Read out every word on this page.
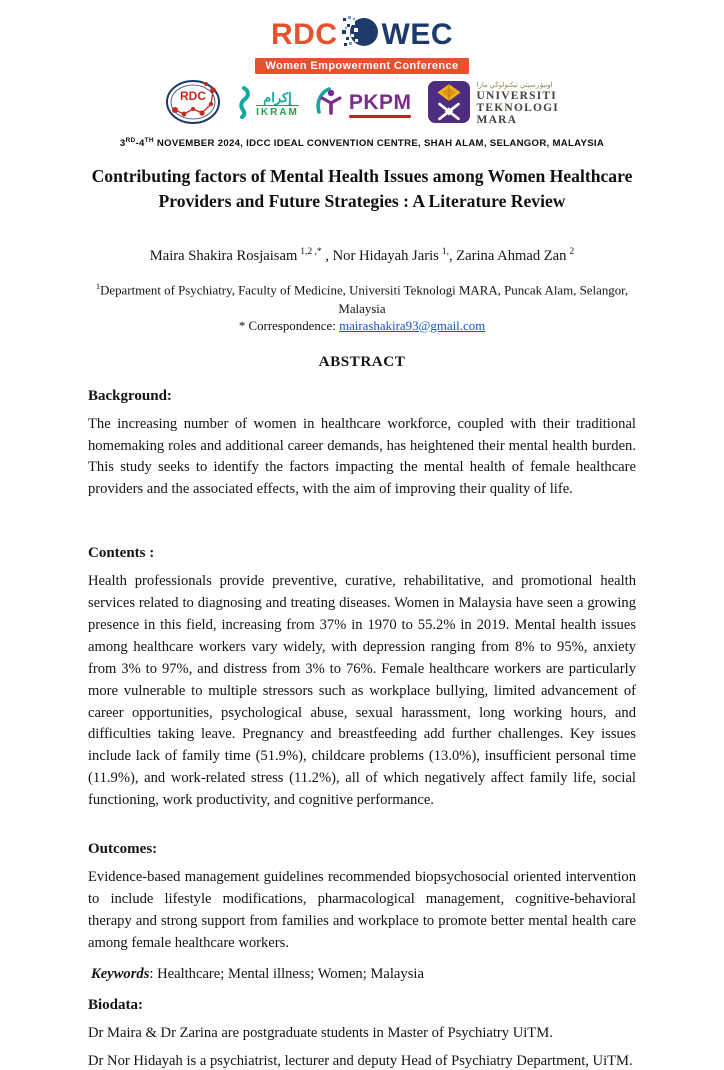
RDC WEC
Women Empowerment Conference
RDC	إكرام
IKRAM PKPM
اونيۏرسيتي تيكنولوڬي مارا
UNIVERSITI
TEKNOLOGI
MARA
3RD-4TH NOVEMBER 2024, IDCC IDEAL CONVENTION CENTRE, SHAH ALAM, SELANGOR, MALAYSIA
Contributing factors of Mental Health Issues among Women Healthcare
Providers and Future Strategies : A Literature Review
Maira Shakira Rosjaisam $^{1,2 ,*}$ , Nor Hidayah Jaris $^{1,}$, Zarina Ahmad Zan $^2$
$^1$Department of Psychiatry, Faculty of Medicine, Universiti Teknologi MARA, Puncak Alam, Selangor, Malaysia
* Correspondence: mairashakira93@gmail.com
ABSTRACT
Background:
The increasing number of women in healthcare workforce, coupled with their traditional homemaking roles and additional career demands, has heightened their mental health burden. This study seeks to identify the factors impacting the mental health of female healthcare providers and the associated effects, with the aim of improving their quality of life.
Contents :
Health professionals provide preventive, curative, rehabilitative, and promotional health services related to diagnosing and treating diseases. Women in Malaysia have seen a growing presence in this field, increasing from 37% in 1970 to 55.2% in 2019. Mental health issues among healthcare workers vary widely, with depression ranging from 8% to 95%, anxiety from 3% to 97%, and distress from 3% to 76%. Female healthcare workers are particularly more vulnerable to multiple stressors such as workplace bullying, limited advancement of career opportunities, psychological abuse, sexual harassment, long working hours, and difficulties taking leave. Pregnancy and breastfeeding add further challenges. Key issues include lack of family time (51.9%), childcare problems (13.0%), insufficient personal time (11.9%), and work-related stress (11.2%), all of which negatively affect family life, social functioning, work productivity, and cognitive performance.
Outcomes:
Evidence-based management guidelines recommended biopsychosocial oriented intervention to include lifestyle modifications, pharmacological management, cognitive-behavioral therapy and strong support from families and workplace to promote better mental health care among female healthcare workers.
Keywords: Healthcare; Mental illness; Women; Malaysia
Biodata:
Dr Maira & Dr Zarina are postgraduate students in Master of Psychiatry UiTM.
Dr Nor Hidayah is a psychiatrist, lecturer and deputy Head of Psychiatry Department, UiTM.
